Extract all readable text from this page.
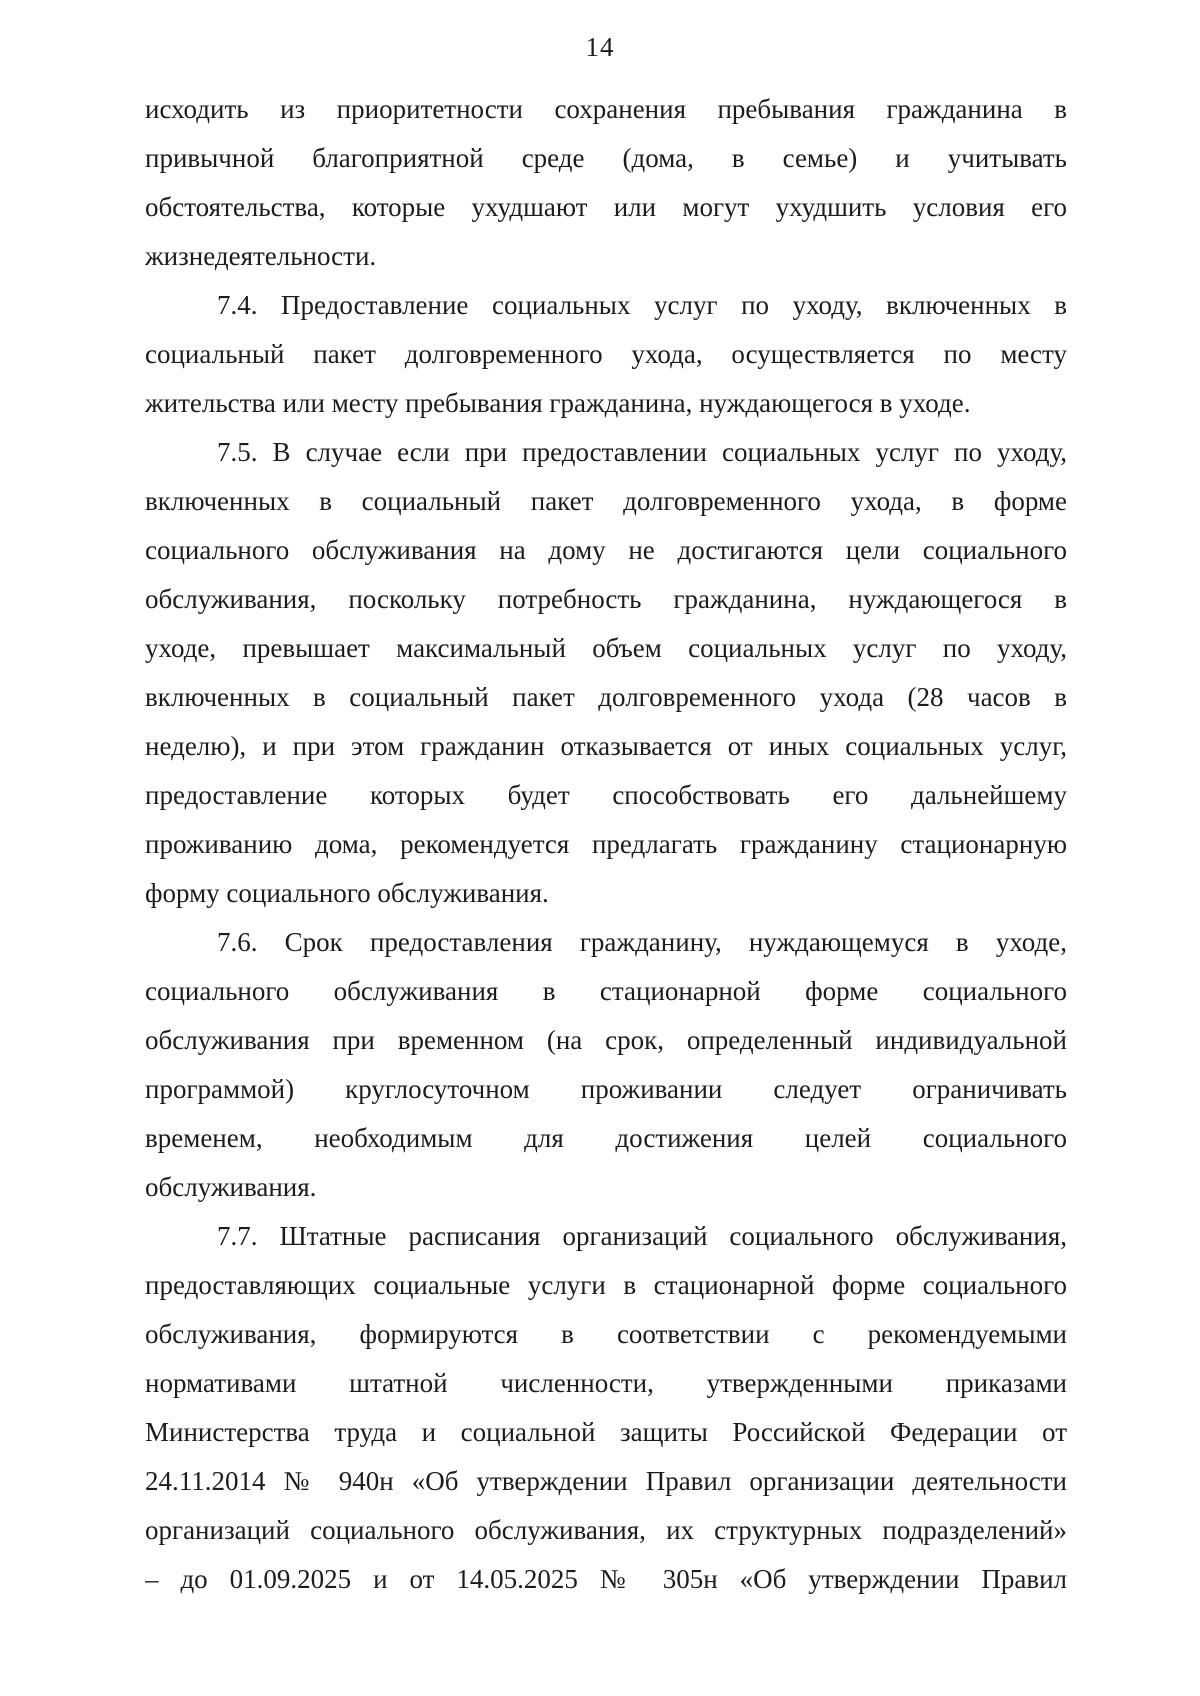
14
исходить из приоритетности сохранения пребывания гражданина в
привычной благоприятной среде (дома, в семье) и учитывать
обстоятельства, которые ухудшают или могут ухудшить условия его
жизнедеятельности.
7.4. Предоставление социальных услуг по уходу, включенных в
социальный пакет долговременного ухода, осуществляется по месту
жительства или месту пребывания гражданина, нуждающегося в уходе.
7.5. В случае если при предоставлении социальных услуг по уходу,
включенных в социальный пакет долговременного ухода, в форме
социального обслуживания на дому не достигаются цели социального
обслуживания, поскольку потребность гражданина, нуждающегося в
уходе, превышает максимальный объем социальных услуг по уходу,
включенных в социальный пакет долговременного ухода (28 часов в
неделю), и при этом гражданин отказывается от иных социальных услуг,
предоставление которых будет способствовать его дальнейшему
проживанию дома, рекомендуется предлагать гражданину стационарную
форму социального обслуживания.
7.6. Срок предоставления гражданину, нуждающемуся в уходе,
социального обслуживания в стационарной форме социального
обслуживания при временном (на срок, определенный индивидуальной
программой) круглосуточном проживании следует ограничивать
временем, необходимым для достижения целей социального
обслуживания.
7.7. Штатные расписания организаций социального обслуживания,
предоставляющих социальные услуги в стационарной форме социального
обслуживания, формируются в соответствии с рекомендуемыми
нормативами штатной численности, утвержденными приказами
Министерства труда и социальной защиты Российской Федерации от
24.11.2014 № 940н «Об утверждении Правил организации деятельности
организаций социального обслуживания, их структурных подразделений»
– до 01.09.2025 и от 14.05.2025 № 305н «Об утверждении Правил
